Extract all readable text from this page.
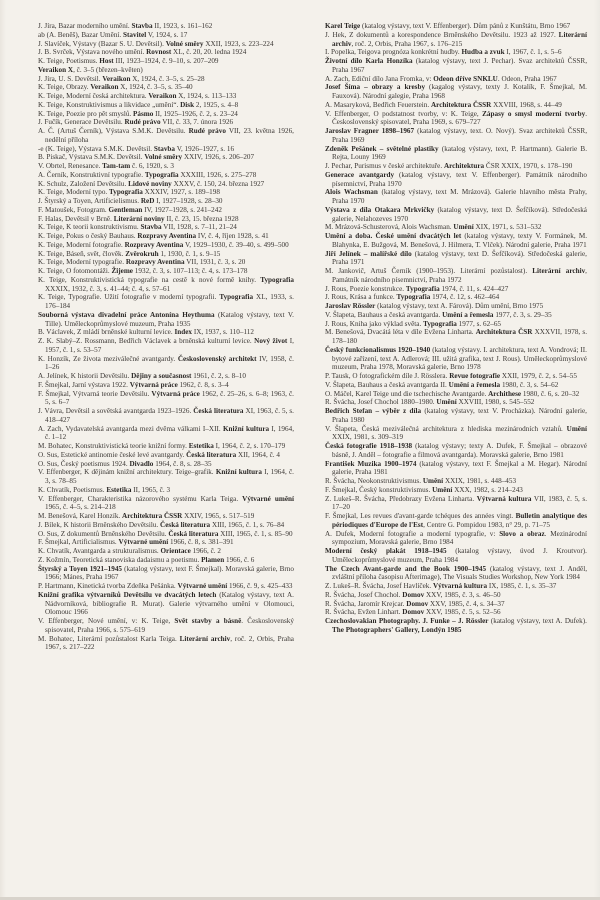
J. Jíra, Bazar moderního umění. Stavba II, 1923, s. 161–162

ab (A. Beněš), Bazar Umění. Stavitel V, 1924, s. 17

J. Slavíček, Výstavy (Bazar S. U. Devětsil). Volné směry XXII, 1923, s. 223–224

J. B. Svrček, Výstava nového umění. Rovnost XL, č. 20, 20. ledna 1924

K. Teige, Poetismus. Host III, 1923–1924, č. 9–10, s. 207–209

Veraikon X, č. 3–5 (březen–květen)

J. Jíra, U. S. Devětsil. Veraikon X, 1924, č. 3–5, s. 25–28

K. Teige, Obrazy. Veraikon X, 1924, č. 3–5, s. 35–40

K. Teige, Moderní česká architektura. Veraikon X, 1924, s. 113–133

K. Teige, Konstruktivismus a likvidace „umění“. Disk 2, 1925, s. 4–8

K. Teige, Poezie pro pět smyslů. Pásmo II, 1925–1926, č. 2, s. 23–24

J. Fučík, Generace Devětsilu. Rudé právo VII, č. 33, 7. února 1926

A. Č. (Artuš Černík), Výstava S.M.K. Devětsilu. Rudé právo VII, 23. května 1926, nedělní příloha

-e (K. Teige), Výstava S.M.K. Devětsil. Stavba V, 1926–1927, s. 16

B. Piskač, Výstava S.M.K. Devětsil. Volné směry XXIV, 1926, s. 206–207

V. Obrtel, Renesance. Tam-tam č. 6, 1920, s. 3

A. Černík, Konstruktivní typografie. Typografia XXXIII, 1926, s. 275–278

K. Schulz, Založení Devětsilu. Lidové noviny XXXV, č. 150, 24. března 1927

K. Teige, Moderní typo. Typografia XXXIV, 1927, s. 189–198

J. Štyrský a Toyen, Artificielismus. ReD I, 1927–1928, s. 28–30

F. Matoušek, Fotogram. Gentleman IV, 1927–1928, s. 241–242

F. Halas, Devětsil v Brně. Literární noviny II, č. 23, 15. března 1928

K. Teige, K teorii konstruktivismu. Stavba VII, 1928, s. 7–11, 21–24

K. Teige, Pokus o český Bauhaus. Rozpravy Aventina IV, č. 4, říjen 1928, s. 41

K. Teige, Moderní fotografie. Rozpravy Aventina V, 1929–1930, č. 39–40, s. 499–500

K. Teige, Báseň, svět, člověk. Zvěrokruh 1, 1930, č. 1, s. 9–15

K. Teige, Moderní typografie. Rozpravy Aventina VII, 1931, č. 3, s. 20

K. Teige, O fotomontáži. Žijeme 1932, č. 3, s. 107–113; č. 4, s. 173–178

K. Teige, Konstruktivistická typografie na cestě k nové formě knihy. Typografia XXXIX, 1932, č. 3, s. 41–44; č. 4, s. 57–61

K. Teige, Typografie. Užití fotografie v moderní typografii. Typografia XL, 1933, s. 176–184

Souborná výstava divadelní práce Antonína Heythuma (Katalog výstavy, text V. Tille). Uměleckoprůmyslové muzeum, Praha 1935

B. Václavek, Z mládí brněnské kulturní levice. Index IX, 1937, s. 110–112

Z. K. Slabý–Z. Rossmann, Bedřich Václavek a brněnská kulturní levice. Nový život I, 1957, č. 1, s. 53–57

K. Honzík, Ze života meziválečné avantgardy. Československý architekt IV, 1958, č. 1–26

A. Jelínek, K historii Devětsilu. Dějiny a současnost 1961, č. 2, s. 8–10

F. Šmejkal, Jarní výstava 1922. Výtvarná práce 1962, č. 8, s. 3–4

F. Šmejkal, Výtvarná teorie Devětsilu. Výtvarná práce 1962, č. 25–26, s. 6–8; 1963, č. 5, s. 6–7

J. Vávra, Devětsil a sovětská avantgarda 1923–1926. Česká literatura XI, 1963, č. 5, s. 418–427

A. Zach, Vydavatelská avantgarda mezi dvěma válkami I–XII. Knižní kultura I, 1964, č. 1–12

M. Bohatec, Konstruktivistická teorie knižní formy. Estetika I, 1964, č. 2, s. 170–179

O. Sus, Estetické antinomie české levé avantgardy. Česká literatura XII, 1964, č. 4

O. Sus, Český poetismus 1924. Divadlo 1964, č. 8, s. 28–35

V. Effenberger, K dějinám knižní architektury. Teige–grafik. Knižní kultura I, 1964, č. 3, s. 78–85

K. Chvatík, Poetismus. Estetika II, 1965, č. 3

V. Effenberger, Charakteristika názorového systému Karla Teiga. Výtvarné umění 1965, č. 4–5, s. 214–218

M. Benešová, Karel Honzík. Architektura ČSSR XXIV, 1965, s. 517–519

J. Bílek, K historii Brněnského Devětsilu. Česká literatura XIII, 1965, č. 1, s. 76–84

O. Sus, Z dokumentů Brněnského Devětsilu. Česká literatura XIII, 1965, č. 1, s. 85–90

F. Šmejkal, Artificialismus. Výtvarné umění 1966, č. 8, s. 381–391

K. Chvatík, Avantgarda a strukturalismus. Orientace 1966, č. 2

Z. Kožmín, Teoretická stanoviska dadaismu a poetismu. Plamen 1966, č. 6

Štyrský a Toyen 1921–1945 (katalog výstavy, text F. Šmejkal). Moravská galerie, Brno 1966; Mánes, Praha 1967

P. Hartmann, Kinetická tvorba Zdeňka Pešánka. Výtvarné umění 1966, č. 9, s. 425–433

Knižní grafika výtvarníků Devětsilu ve dvacátých letech (Katalog výstavy, text A. Nádvorníková, bibliografie R. Murat). Galerie výtvarného umění v Olomouci, Olomouc 1966

V. Effenberger, Nové umění, v: K. Teige, Svět stavby a básně. Československý spisovatel, Praha 1966, s. 575–619

M. Bohatec, Literární pozůstalost Karla Teiga. Literární archiv, roč. 2, Orbis, Praha 1967, s. 217–222

Karel Teige (katalog výstavy, text V. Effenberger). Dům pánů z Kunštátu, Brno 1967

J. Hek, Z dokumentů a korespondence Brněnského Devětsilu. 1923 až 1927. Literární archiv, roč. 2, Orbis, Praha 1967, s. 176–215

I. Popelka, Teigova prognóza konkrétní hudby. Hudba a zvuk I, 1967, č. 1, s. 5–6

Životní dílo Karla Honzíka (katalog výstavy, text J. Pechar). Svaz architektů ČSSR, Praha 1967

A. Zach, Ediční dílo Jana Fromka, v: Odeon dříve SNKLU. Odeon, Praha 1967

Josef Šíma – obrazy a kresby (kagalog výstavy, texty J. Kotalík, F. Šmejkal, M. Fauxová). Národní galegie, Praha 1968

A. Masaryková, Bedřich Feuerstein. Architektura ČSSR XXVIII, 1968, s. 44–49

V. Effenberger, O podstatnost tvorby, v: K. Teige, Zápasy o smysl moderní tvorby. Československý spisovatel, Praha 1969, s. 679–727

Jaroslav Fragner 1898–1967 (katalog výstavy, text. O. Nový). Svaz architektů ČSSR, Praha 1969

Zdeněk Pešánek – světelné plastiky (katalog výstavy, text, P. Hartmann). Galerie B. Rejta, Louny 1969

J. Pechar, Purismus v české architektuře. Architektura ČSR XXIX, 1970, s. 178–190

Generace avantgardy (katalog výstavy, text V. Effenberger). Památník národního písemnictví, Praha 1970

Alois Wachsman (katalog výstavy, text M. Mrázová). Galerie hlavního města Prahy, Praha 1970

Výstava z díla Otakara Mrkvičky (katalog výstavy, text D. Šefčíková). Středočeská galerie, Nelahozeves 1970

M. Mrázová-Schusterová, Alois Wachsman. Umění XIX, 1971, s. 531–532

Umění a doba. České umění dvacátých let (katalog výstavy, texty V. Formánek, M. Blahynka, E. Bužgová, M. Benešová, J. Hilmera, T. Vlček). Národní galerie, Praha 1971

Jiří Jelínek – malířské dílo (katalog výstavy, text D. Šefčíková). Středočeská galerie, Praha 1971

M. Jankovič, Artuš Černík (1900–1953). Literární pozůstalost). Literární archiv, Památník národního písemnictví, Praha 1972

J. Rous, Poezie konstrukce. Typografia 1974, č. 11, s. 424–427

J. Rous, Krása a funkce. Typografia 1974, č. 12, s. 462–464

Jaroslav Rössler (katalog výstavy, text A. Fárová). Dům umění, Brno 1975

V. Šlapeta, Bauhaus a česká avantgarda. Umění a řemesla 1977, č. 3, s. 29–35

J. Rous, Kniha jako výklad světa. Typografia 1977, s. 62–65

M. Benešová, Dvacátá léta v díle Evžena Linharta. Architektura ČSR XXXVII, 1978, s. 178–180

Český funkcionalismus 1920–1940 (katalog výstavy. I. architektura, text A. Vondrová; II. bytové zařízení, text A. Adlerová; III. užitá grafika, text J. Rous). Uměleckoprůmyslové muzeum, Praha 1978, Moravská galerie, Brno 1978

P. Tausk, O fotografickém díle J. Rösslera. Revue fotografie XXII, 1979, č. 2, s. 54–55

V. Šlapeta, Bauhaus a česká avantgarda II. Umění a řemesla 1980, č. 3, s. 54–62

O. Máčel, Karel Teige und die tschechische Avantgarde. Archithese 1980, č. 6, s. 20–32

R. Švácha, Josef Chochol 1880–1980. Umění XXVIII, 1980, s. 545–552

Bedřich Stefan – výběr z díla (katalog výstavy, text V. Procházka). Národní galerie, Praha 1980

V. Šlapeta, Česká meziválečná architektura z hlediska mezinárodních vztahů. Umění XXIX, 1981, s. 309–319

Česká fotografie 1918–1938 (katalog výstavy; texty A. Dufek, F. Šmejkal – obrazové básně, J. Anděl – fotografie a filmová avantgarda). Moravská galerie, Brno 1981

František Muzika 1900–1974 (katalog výstavy, text F. Šmejkal a M. Hegar). Národní galerie, Praha 1981

R. Švácha, Neokonstruktivismus. Umění XXIX, 1981, s. 448–453

F. Šmejkal, Český konstruktivismus. Umění XXX, 1982, s. 214–243

Z. Lukeš–R. Švácha, Předobrazy Evžena Linharta. Výtvarná kultura VII, 1983, č. 5, s. 17–20

F. Šmejkal, Les revues d'avant-garde tchéques des années vingt. Bulletin analytique des périodiques d'Europe de l'Est, Centre G. Pompidou 1983, n° 29, p. 71–75

A. Dufek, Moderní fotografie a moderní typografie, v: Slovo a obraz. Mezinárodní sympozium, Moravská galerie, Brno 1984

Moderní český plakát 1918–1945 (katalog výstavy, úvod J. Kroutvor). Uměleckoprůmyslové muzeum, Praha 1984

The Czech Avant-garde and the Book 1900–1945 (katalog výstavy, text J. Anděl, zvláštní příloha časopisu Afterimage), The Visuals Studies Workshop, New York 1984

Z. Lukeš–R. Švácha, Josef Havlíček. Výtvarná kultura IX, 1985, č. 1, s. 35–37

R. Švácha, Josef Chochol. Domov XXV, 1985, č. 3, s. 46–50

R. Švácha, Jaromír Krejcar. Domov XXV, 1985, č. 4, s. 34–37

R. Švácha, Evžen Linhart. Domov XXV, 1985, č. 5, s. 52–56

Czechoslovakian Photography. J. Funke – J. Rössler (katalog výstavy, text A. Dufek). The Photographers' Gallery, Londýn 1985
